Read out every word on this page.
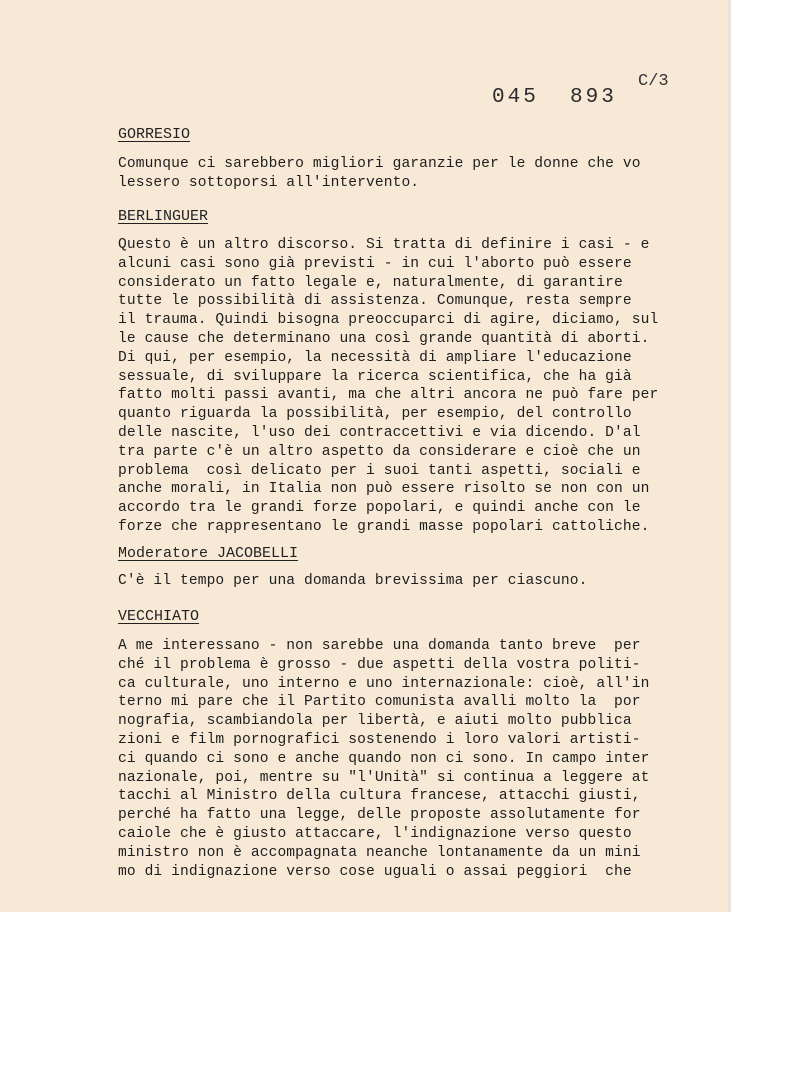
045  893
C/3
GORRESIO
Comunque ci sarebbero migliori garanzie per le donne che vo
lessero sottoporsi all'intervento.
BERLINGUER
Questo è un altro discorso. Si tratta di definire i casi - e
alcuni casi sono già previsti - in cui l'aborto può essere
considerato un fatto legale e, naturalmente, di garantire
tutte le possibilità di assistenza. Comunque, resta sempre
il trauma. Quindi bisogna preoccuparci di agire, diciamo, sul
le cause che determinano una così grande quantità di aborti.
Di qui, per esempio, la necessità di ampliare l'educazione
sessuale, di sviluppare la ricerca scientifica, che ha già
fatto molti passi avanti, ma che altri ancora ne può fare per
quanto riguarda la possibilità, per esempio, del controllo
delle nascite, l'uso dei contraccettivi e via dicendo. D'al
tra parte c'è un altro aspetto da considerare e cioè che un
problema  così delicato per i suoi tanti aspetti, sociali e
anche morali, in Italia non può essere risolto se non con un
accordo tra le grandi forze popolari, e quindi anche con le
forze che rappresentano le grandi masse popolari cattoliche.
Moderatore JACOBELLI
C'è il tempo per una domanda brevissima per ciascuno.
VECCHIATO
A me interessano - non sarebbe una domanda tanto breve  per
ché il problema è grosso - due aspetti della vostra politi-
ca culturale, uno interno e uno internazionale: cioè, all'in
terno mi pare che il Partito comunista avalli molto la  por
nografia, scambiandola per libertà, e aiuti molto pubblica
zioni e film pornografici sostenendo i loro valori artisti-
ci quando ci sono e anche quando non ci sono. In campo inter
nazionale, poi, mentre su "l'Unità" si continua a leggere at
tacchi al Ministro della cultura francese, attacchi giusti,
perché ha fatto una legge, delle proposte assolutamente for
caiole che è giusto attaccare, l'indignazione verso questo
ministro non è accompagnata neanche lontanamente da un mini
mo di indignazione verso cose uguali o assai peggiori  che
